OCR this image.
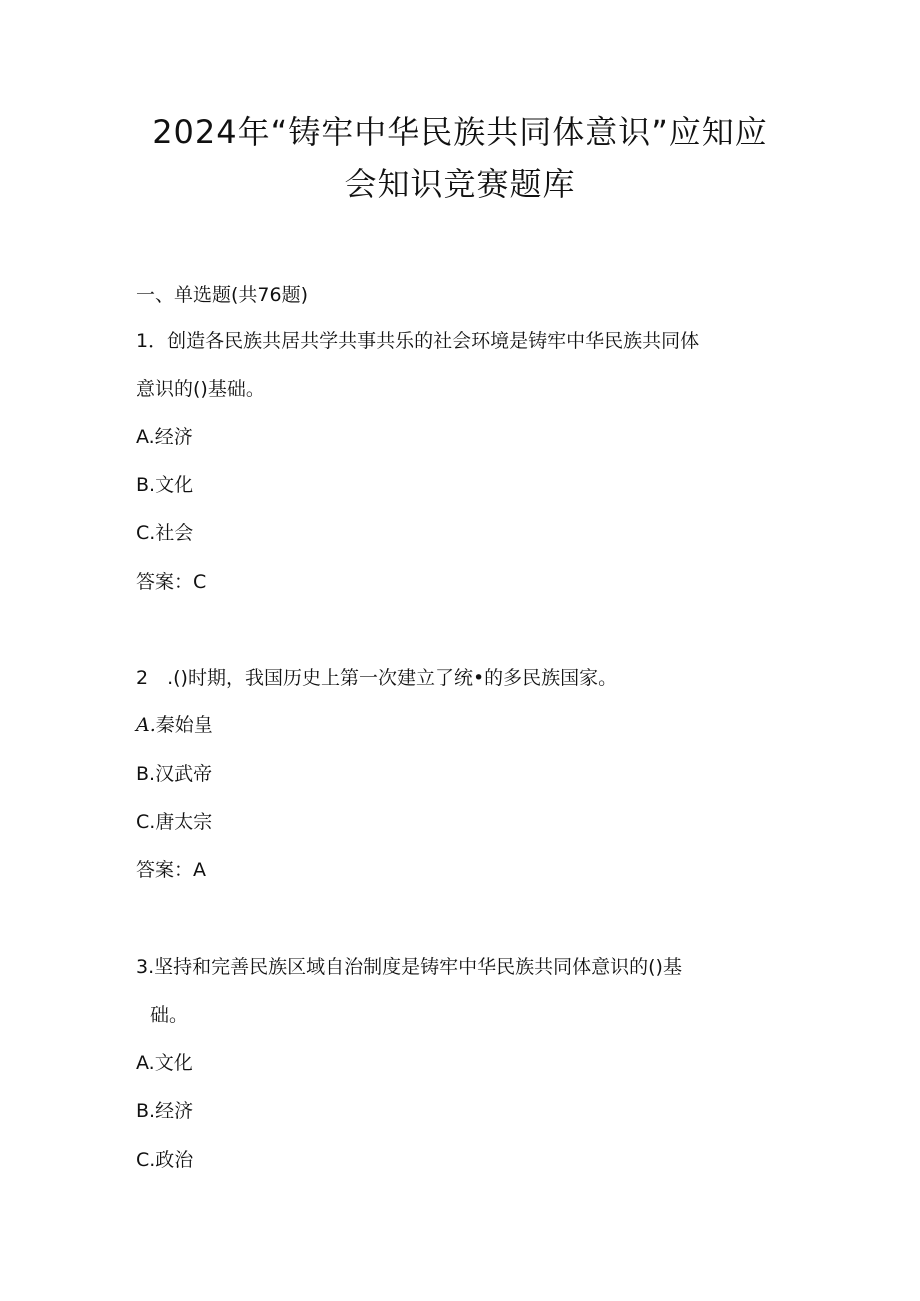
2024年“铸牢中华民族共同体意识”应知应
会知识竞赛题库
一、单选题(共76题)
1．创造各民族共居共学共事共乐的社会环境是铸牢中华民族共同体
意识的()基础。
A.经济
B.文化
C.社会
答案：C
2　.()时期，我国历史上第一次建立了统•的多民族国家。
A.秦始皇
B.汉武帝
C.唐太宗
答案：A
3.坚持和完善民族区域自治制度是铸牢中华民族共同体意识的()基
础。
A.文化
B.经济
C.政治
